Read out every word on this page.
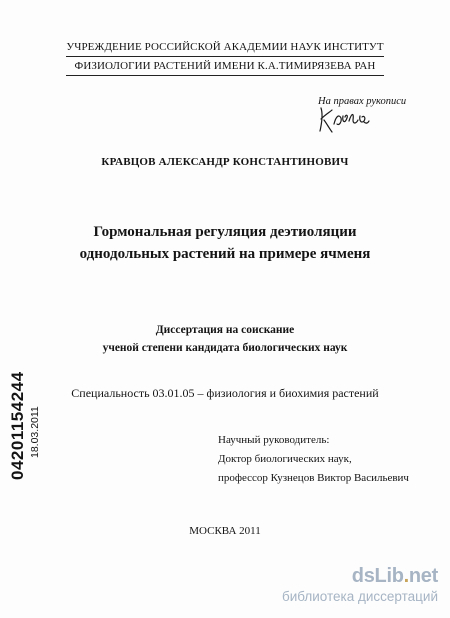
УЧРЕЖДЕНИЕ РОССИЙСКОЙ АКАДЕМИИ НАУК ИНСТИТУТ
ФИЗИОЛОГИИ РАСТЕНИЙ ИМЕНИ К.А.ТИМИРЯЗЕВА РАН
На правах рукописи
КРАВЦОВ АЛЕКСАНДР КОНСТАНТИНОВИЧ
Гормональная регуляция деэтиоляции
однодольных растений на примере ячменя
Диссертация на соискание
ученой степени кандидата биологических наук
Специальность 03.01.05 – физиология и биохимия растений
Научный руководитель:
Доктор биологических наук,
профессор Кузнецов Виктор Васильевич
МОСКВА 2011
04201154244 18.03.2011
dsLib.net
библиотека диссертаций
